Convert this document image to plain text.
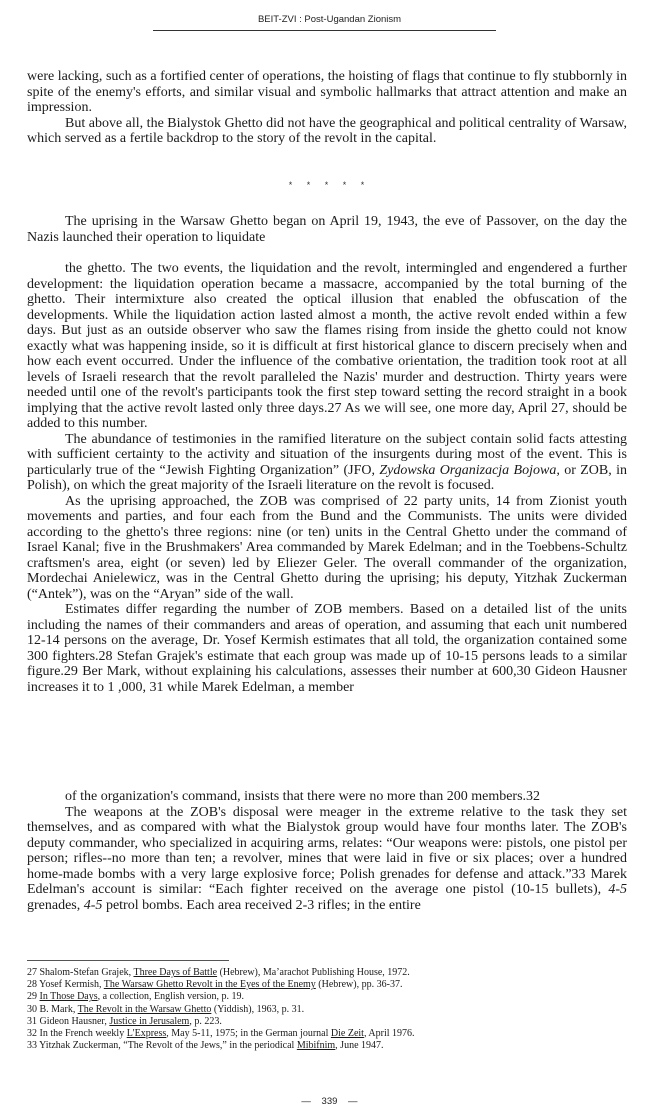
BEIT-ZVI : Post-Ugandan Zionism

were lacking, such as a fortified center of operations, the hoisting of flags that continue to fly stubbornly in spite of the enemy's efforts, and similar visual and symbolic hallmarks that attract attention and make an impression.

But above all, the Bialystok Ghetto did not have the geographical and political centrality of Warsaw, which served as a fertile backdrop to the story of the revolt in the capital.

* * * * *

The uprising in the Warsaw Ghetto began on April 19, 1943, the eve of Passover, on the day the Nazis launched their operation to liquidate

the ghetto. The two events, the liquidation and the revolt, intermingled and engendered a further development: the liquidation operation became a massacre, accompanied by the total burning of the ghetto. Their intermixture also created the optical illusion that enabled the obfuscation of the developments. While the liquidation action lasted almost a month, the active revolt ended within a few days. But just as an outside observer who saw the flames rising from inside the ghetto could not know exactly what was happening inside, so it is difficult at first historical glance to discern precisely when and how each event occurred. Under the influence of the combative orientation, the tradition took root at all levels of Israeli research that the revolt paralleled the Nazis' murder and destruction. Thirty years were needed until one of the revolt's participants took the first step toward setting the record straight in a book implying that the active revolt lasted only three days.27 As we will see, one more day, April 27, should be added to this number.

The abundance of testimonies in the ramified literature on the subject contain solid facts attesting with sufficient certainty to the activity and situation of the insurgents during most of the event. This is particularly true of the “Jewish Fighting Organization” (JFO, Zydowska Organizacja Bojowa, or ZOB, in Polish), on which the great majority of the Israeli literature on the revolt is focused.

As the uprising approached, the ZOB was comprised of 22 party units, 14 from Zionist youth movements and parties, and four each from the Bund and the Communists. The units were divided according to the ghetto's three regions: nine (or ten) units in the Central Ghetto under the command of Israel Kanal; five in the Brushmakers' Area commanded by Marek Edelman; and in the Toebbens-Schultz craftsmen's area, eight (or seven) led by Eliezer Geler. The overall commander of the organization, Mordechai Anielewicz, was in the Central Ghetto during the uprising; his deputy, Yitzhak Zuckerman (“Antek”), was on the “Aryan” side of the wall.

Estimates differ regarding the number of ZOB members. Based on a detailed list of the units including the names of their commanders and areas of operation, and assuming that each unit numbered 12-14 persons on the average, Dr. Yosef Kermish estimates that all told, the organization contained some 300 fighters.28 Stefan Grajek's estimate that each group was made up of 10-15 persons leads to a similar figure.29 Ber Mark, without explaining his calculations, assesses their number at 600,30 Gideon Hausner increases it to 1 ,000, 31 while Marek Edelman, a member

of the organization's command, insists that there were no more than 200 members.32

The weapons at the ZOB's disposal were meager in the extreme relative to the task they set themselves, and as compared with what the Bialystok group would have four months later. The ZOB's deputy commander, who specialized in acquiring arms, relates: “Our weapons were: pistols, one pistol per person; rifles--no more than ten; a revolver, mines that were laid in five or six places; over a hundred home-made bombs with a very large explosive force; Polish grenades for defense and attack.”33 Marek Edelman's account is similar: “Each fighter received on the average one pistol (10-15 bullets), 4-5 grenades, 4-5 petrol bombs. Each area received 2-3 rifles; in the entire

27 Shalom-Stefan Grajek, Three Days of Battle (Hebrew), Maʼarachot Publishing House, 1972.
28 Yosef Kermish, The Warsaw Ghetto Revolt in the Eyes of the Enemy (Hebrew), pp. 36-37.
29 In Those Days, a collection, English version, p. 19.
30 B. Mark, The Revolt in the Warsaw Ghetto (Yiddish), 1963, p. 31.
31 Gideon Hausner, Justice in Jerusalem, p. 223.
32 In the French weekly L'Express, May 5-11, 1975; in the German journal Die Zeit, April 1976.
33 Yitzhak Zuckerman, “The Revolt of the Jews,” in the periodical Mibifnim, June 1947.
— 339 —
